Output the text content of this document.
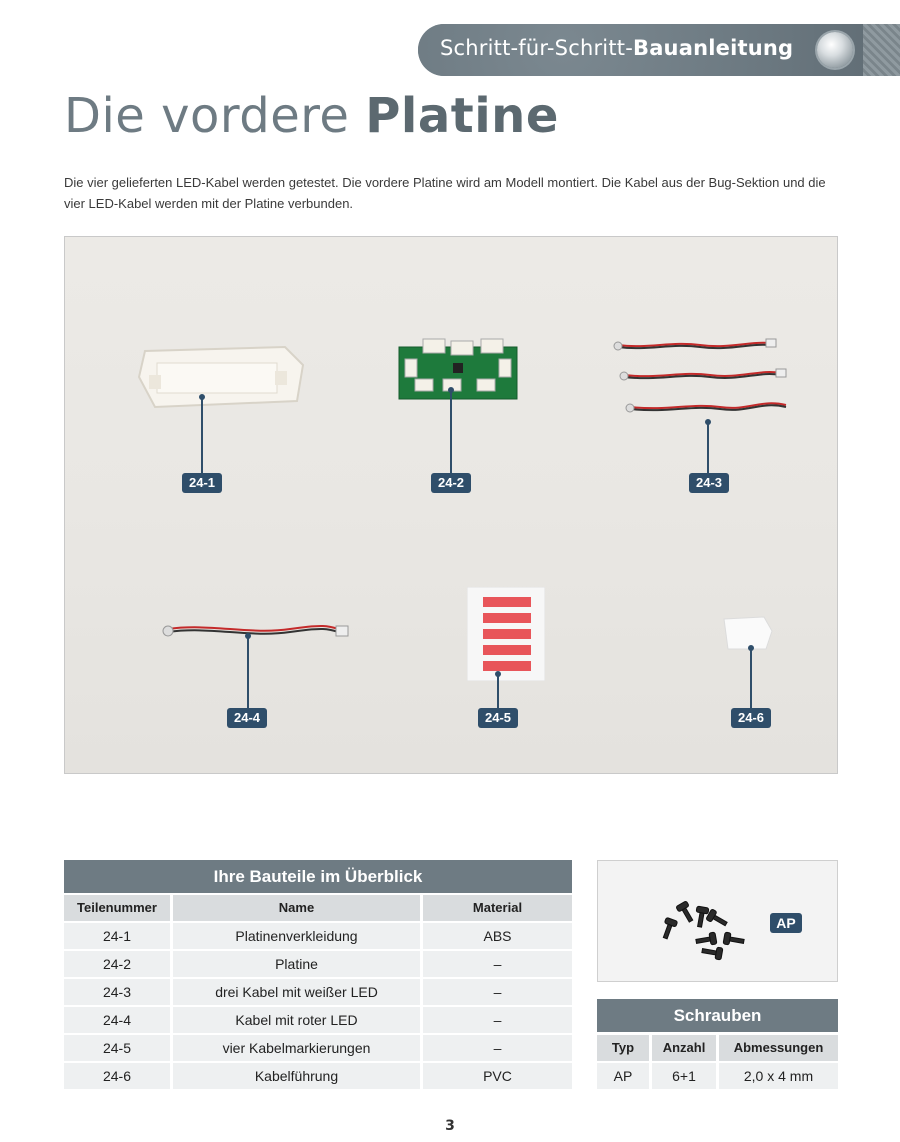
Schritt-für-Schritt-Bauanleitung
Die vordere Platine
Die vier gelieferten LED-Kabel werden getestet. Die vordere Platine wird am Modell montiert. Die Kabel aus der Bug-Sektion und die vier LED-Kabel werden mit der Platine verbunden.
24-1	24-2	24-3
24-4	24-5	24-6
Ihre Bauteile im Überblick
Teilenummer	Name	Material
24-1	Platinenverkleidung	ABS
24-2	Platine	–
24-3	drei Kabel mit weißer LED	–
24-4	Kabel mit roter LED	–
24-5	vier Kabelmarkierungen	–
24-6	Kabelführung	PVC
AP
Schrauben
Typ	Anzahl	Abmessungen
AP	6+1	2,0 x 4 mm
3
